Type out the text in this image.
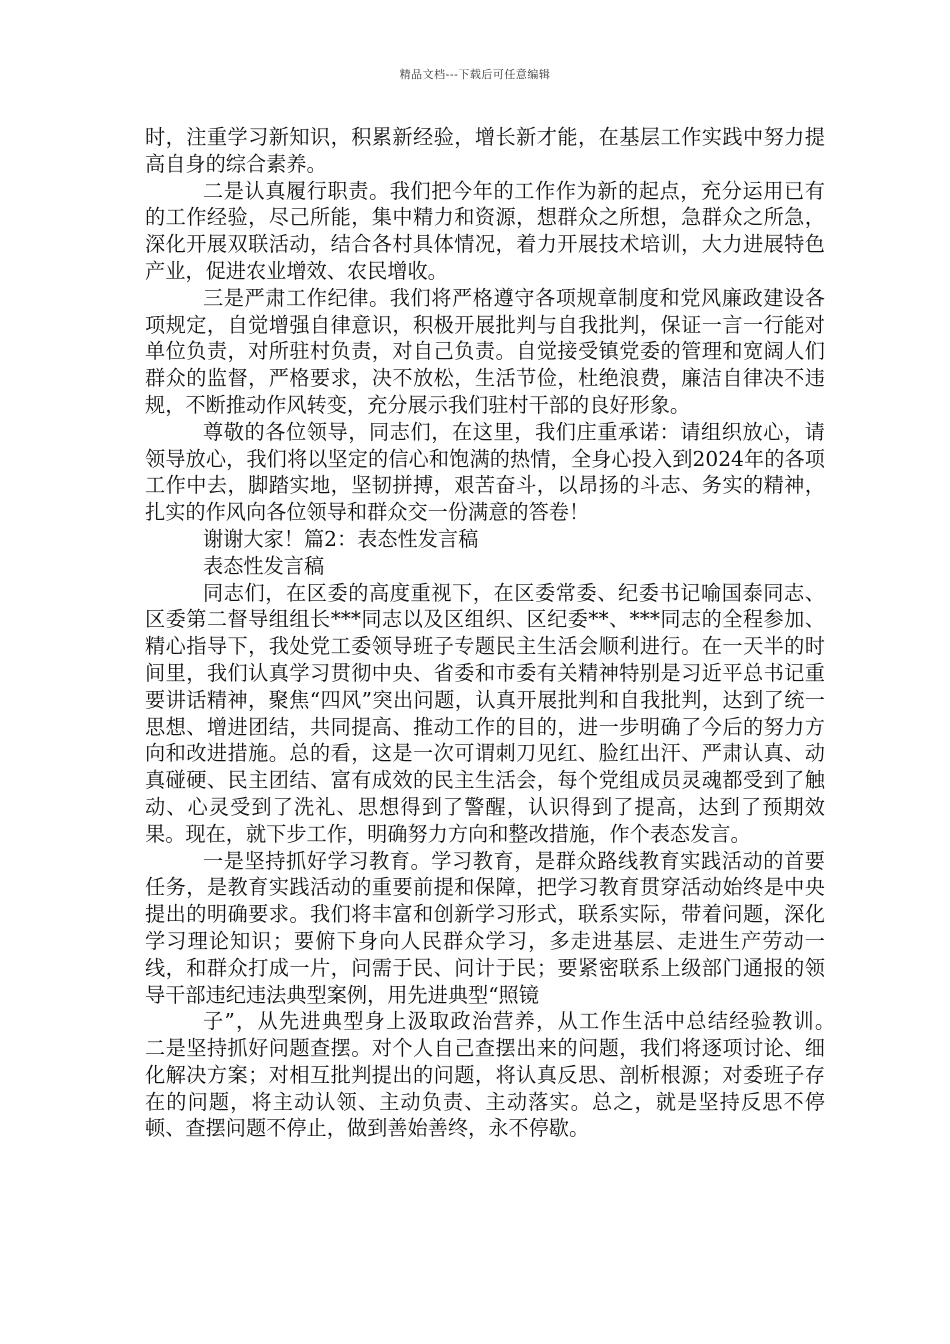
精品文档---下载后可任意编辑

时，注重学习新知识，积累新经验，增长新才能，在基层工作实践中努力提高自身的综合素养。

二是认真履行职责。我们把今年的工作作为新的起点，充分运用已有的工作经验，尽己所能，集中精力和资源，想群众之所想，急群众之所急，深化开展双联活动，结合各村具体情况，着力开展技术培训，大力进展特色产业，促进农业增效、农民增收。

三是严肃工作纪律。我们将严格遵守各项规章制度和党风廉政建设各项规定，自觉增强自律意识，积极开展批判与自我批判，保证一言一行能对单位负责，对所驻村负责，对自己负责。自觉接受镇党委的管理和宽阔人们群众的监督，严格要求，决不放松，生活节俭，杜绝浪费，廉洁自律决不违规，不断推动作风转变，充分展示我们驻村干部的良好形象。

尊敬的各位领导，同志们，在这里，我们庄重承诺：请组织放心，请领导放心，我们将以坚定的信心和饱满的热情，全身心投入到2024年的各项工作中去，脚踏实地，坚韧拼搏，艰苦奋斗，以昂扬的斗志、务实的精神，扎实的作风向各位领导和群众交一份满意的答卷！

谢谢大家！篇2：表态性发言稿

表态性发言稿

同志们，在区委的高度重视下，在区委常委、纪委书记喻国泰同志、区委第二督导组组长***同志以及区组织、区纪委**、***同志的全程参加、精心指导下，我处党工委领导班子专题民主生活会顺利进行。在一天半的时间里，我们认真学习贯彻中央、省委和市委有关精神特别是习近平总书记重要讲话精神，聚焦“四风”突出问题，认真开展批判和自我批判，达到了统一思想、增进团结，共同提高、推动工作的目的，进一步明确了今后的努力方向和改进措施。总的看，这是一次可谓刺刀见红、脸红出汗、严肃认真、动真碰硬、民主团结、富有成效的民主生活会，每个党组成员灵魂都受到了触动、心灵受到了洗礼、思想得到了警醒，认识得到了提高，达到了预期效果。现在，就下步工作，明确努力方向和整改措施，作个表态发言。

一是坚持抓好学习教育。学习教育，是群众路线教育实践活动的首要任务，是教育实践活动的重要前提和保障，把学习教育贯穿活动始终是中央提出的明确要求。我们将丰富和创新学习形式，联系实际，带着问题，深化学习理论知识；要俯下身向人民群众学习，多走进基层、走进生产劳动一线，和群众打成一片，问需于民、问计于民；要紧密联系上级部门通报的领导干部违纪违法典型案例，用先进典型“照镜

子”，从先进典型身上汲取政治营养，从工作生活中总结经验教训。　二是坚持抓好问题查摆。对个人自己查摆出来的问题，我们将逐项讨论、细化解决方案；对相互批判提出的问题，将认真反思、剖析根源；对委班子存在的问题，将主动认领、主动负责、主动落实。总之，就是坚持反思不停顿、查摆问题不停止，做到善始善终，永不停歇。
